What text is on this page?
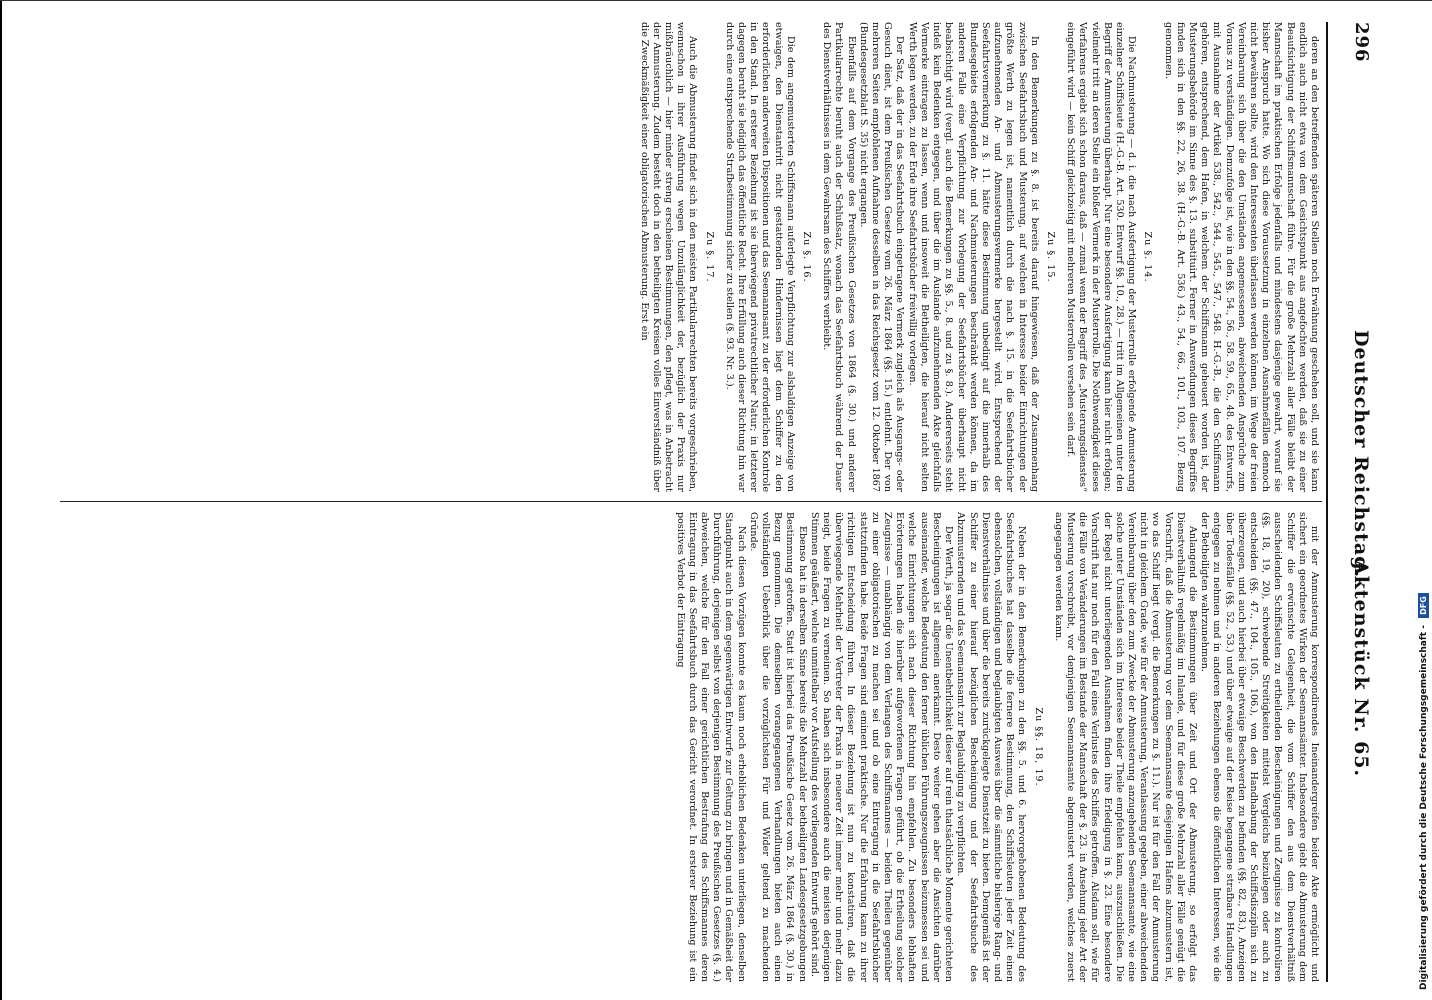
296
Deutscher Reichstag.
Aktenstück Nr. 65.

deren an den betreffenden späteren Stellen noch Erwähnung geschehen soll, und sie kann endlich auch nicht etwa von dem Gesichtspunkt aus angefochten werden, daß sie zu einer Beaufsichtigung der Schiffsmannschaft führe. Für die große Mehrzahl aller Fälle bleibt der Mannschaft im praktischen Erfolge jedenfalls und mindestens dasjenige gewahrt, worauf sie bisher Anspruch hatte. Wo sich diese Voraussetzung in einzelnen Ausnahmefällen dennoch nicht bewähren sollte, wird den Interessenten überlassen werden können, im Wege der freien Vereinbarung sich über die den Umständen angemessenen, abweichenden Ansprüche zum Voraus zu verständigen. Demzufolge ist, wie in den §§. 54., 56., 58. 59., 65., 48. des Entwurfs, mit Ausnahme der Artikel 538., 542., 544., 545., 547., 548. H.-G.-B., die den Schiffsmann gehören, entsprechend, dem Hafen, in welchem der Schiffsmann geheuert worden ist, der Musterungsbehörde im Sinne des §. 13. substituirt. Ferner in Anwendungen dieses Begriffes finden sich in den §§. 22, 26, 38. (H.-G.-B. Art. 536.) 43., 54., 66., 101., 103., 107. Bezug genommen.

Zu §. 14.

Die Nachmusterung — d. i. die nach Ausfertigung der Musterrolle erfolgende Anmusterung einzelner Schiffsleute (H.-G.-B. Art. 530. Entwurf §§. 10., 28.) — tritt im Allgemeinen unter den Begriff der Anmusterung überhaupt. Nur eine besondere Ausfertigung kann hier nicht erfolgen; vielmehr tritt an deren Stelle ein bloßer Vermerk in der Musterrolle. Die Nothwendigkeit dieses Verfahrens ergiebt sich schon daraus, daß — zumal wenn der Begriff des „Musterungsdienstes“ eingeführt wird — kein Schiff gleichzeitig mit mehreren Musterrollen versehen sein darf.

Zu §. 15.

In den Bemerkungen zu §. 8. ist bereits darauf hingewiesen, daß der Zusammenhang zwischen Seefahrtsbuch und Musterung, auf welchen in Interesse beider Einrichtungen der größte Werth zu legen ist, namentlich durch die nach §. 15. in die Seefahrtsbücher aufzunehmenden An- und Abmusterungsvermerke hergestellt wird. Entsprechend der Seefahrtsvermerkung zu §. 11. hätte diese Bestimmung unbedingt auf die innerhalb des Bundesgebiets erfolgenden An- und Nachmusterungen beschränkt werden können, da im anderen Falle eine Verpflichtung zur Vorlegung der Seefahrtsbücher überhaupt nicht beabsichtigt wird (vergl. auch die Bemerkungen zu §§. 5., 8. und zu §. 8.). Andererseits steht indeß kein Bedenken entgegen, und über die im Auslande aufzunehmenden Akte gleichfalls Vermerke eintragen zu lassen, wenn und insoweit die Betheiligten, die hierauf nicht selten Werth legen werden, zu der Erde ihre Seefahrtsbücher freiwillig vorlegen.

Der Satz, daß der in das Seefahrtsbuch eingetragene Vermerk zugleich als Ausgangs- oder Gesuch dient, ist dem Preußischen Gesetze vom 26. März 1864 (§§. 15.) entlehnt. Der von mehreren Seiten empfohlenen Aufnahme desselben in das Reichsgesetz vom 12. Oktober 1867 (Bundesgesetzblatt S. 35) nicht ergangen.

Ebenfalls auf dem Vorgange des Preußischen Gesetzes von 1864 (§. 30.) und anderer Partikularrechte beruht auch der Schlußsatz, wonach das Seefahrtsbuch während der Dauer des Dienstverhältnisses in dem Gewahrsam des Schiffers verbleibt.

Zu §. 16.

Die dem angemusterten Schiffsmann auferlegte Verpflichtung zur alsbaldigen Anzeige von etwaigen, den Dienstantritt nicht gestattenden Hindernissen liegt dem Schiffer zu den erforderlichen anderweiten Dispositionen und das Seemannsamt zu der erforderlichen Kontrole in den Stand. In ersterer Beziehung ist sie überwiegend privatrechtlicher Natur; in letzterer dagegen beruht sie lediglich das öffentliche Recht. Ihre Erfüllung auch dieser Richtung hin war durch eine entsprechende Strafbestimmung sicher zu stellen (§. 93. Nr. 3.).

Zu §. 17.

Auch die Abmusterung findet sich in den meisten Partikularrechten bereits vorgeschrieben, wennschon in ihrer Ausführung wegen Unzulänglichkeit der, bezüglich der Praxis nur mißbräuchlich — hier minder streng erscheinen Bestimmungen, den pflegt, was in Anbetracht der Anmusterung. Zudem besteht doch in den betheiligten Kreisen volles Einverständniß über die Zweckmäßigkeit einer obligatorischen Abmusterung. Erst ein

mit der Anmusterung korrespondirendes Ineinandergreifen beider Akte ermöglicht und sichert ein geordnetes Wirken der Seemannsämter. Insbesondere giebt die Abmusterung dem Schiffer die erwünschte Gelegenheit, die vom Schiffer den aus dem Dienstverhältniß ausscheidenden Schiffsleuten zu ertheilenden Bescheinigungen und Zeugnisse zu kontroliren (§§. 18, 19, 20), schwebende Streitigkeiten mittelst Vergleichs beizulegen oder auch zu entscheiden (§§. 47., 104., 105., 106.), von den Handhabung der Schiffsdisziplin sich zu überzeugen, und auch hierbei über etwaige Beschwerden zu befinden (§§. 82., 83.), Anzeigen über Todesfälle (§§. 52., 53.) und über etwaige auf der Reise begangene strafbare Handlungen entgegen zu nehmen und in anderen Beziehungen ebenso die öffentlichen Interessen, wie die der Betheiligten wahrzunehmen.

Anlangend die Bestimmungen über Zeit und Ort der Abmusterung, so erfolgt das Dienstverhältniß regelmäßig im Inlande, und für diese große Mehrzahl aller Fälle genügt die Vorschrift, daß die Abmusterung vor dem Seemannsamte desjenigen Hafens abzumustern ist, wo das Schiff liegt (vergl. die Bemerkungen zu §. 11.). Nur ist für den Fall der Anmusterung nicht in gleichem Grade, wie für der Anmusterung, Veranlassung gegeben, einer abweichenden Vereinbarung über den zum Zwecke der Abmusterung anzugehenden Seemannsamte, wie eine solche unter Umständen sich im Interesse beider Theile empfehlen kann, auszuschließen. Die der Regel nicht unterliegenden Ausnahmen finden ihre Erledigung in §. 23. Eine besondere Vorschrift hat nur noch für den Fall eines Verlustes des Schiffes getroffen. Alsdann soll, wie für die Fälle von Veränderungen im Bestande der Mannschaft der §. 23. in Ansehung jeder Art der Musterung vorschreibt, vor demjenigen Seemannsamte abgemustert werden, welches zuerst angegangen werden kann.

Zu §§. 18, 19.

Neben der in den Bemerkungen zu den §§. 5. und 6. hervorgehobenen Bedeutung des Seefahrtsbuches hat dasselbe die fernere Bestimmung, den Schiffsleuten jeder Zeit einen ebensolchen, vollständigen und beglaubigten Ausweis über die sämmtliche bisherige Rang- und Dienstverhältnisse und über die bereits zurückgelegte Dienstzeit zu bieten. Demgemäß ist der Schiffer zu einer hierauf bezüglichen Bescheinigung und der Seefahrtsbuche des Abzumusternden und das Seemannsamt zur Beglaubigung zu verpflichten.

Der Werth, ja sogar die Unentbehrlichkeit dieser auf rein thatsächliche Momente gerichteten Bescheinigungen ist allgemein anerkannt. Desto weiter gehen aber die Ansichten darüber auseinander, welche Bedeutung den ferner üblichen Führungszeugnissen beizumessen sei und welche Einrichtungen sich nach dieser Richtung hin empfehlen. Zu besonders lebhaften Erörterungen haben die hierüber aufgeworfenen Fragen geführt, ob die Ertheilung solcher Zeugnisse — unabhängig von dem Verlangen des Schiffsmannes — beiden Theilen gegenüber zu einer obligatorischen zu machen sei und ob eine Eintragung in die Seefahrtsbücher stattzufinden habe. Beide Fragen sind eminent praktische. Nur die Erfahrung kann zu ihrer richtigen Entscheidung führen. In dieser Beziehung ist nun zu konstatiren, daß die überwiegende Mehrheit der Vertreter der Praxis in neuerer Zeit immer mehr und mehr dazu neigt, beide Fragen zu verneinen. So haben sich insbesondere auch die meisten derjenigen Stimmen geäußert, welche unmittelbar vor Aufstellung des vorliegenden Entwurfs gehört sind.

Ebenso hat in derselben Sinne bereits die Mehrzahl der betheiligten Landesgesetzgebungen Bestimmung getroffen. Statt ist hierbei das Preußische Gesetz vom 26. März 1864 (§. 30.) in Bezug genommen. Die demselben vorangegangenen Verhandlungen bieten auch einen vollständigen Ueberblick über die vorzüglichsten Für und Wider geltend zu machenden Gründe.

Nach diesen Vorzügen konnte es kaum noch erheblichen Bedenken unterliegen, denselben Standpunkt auch in dem gegenwärtigen Entwurfe zur Geltung zu bringen und in Gemäßheit der Durchführung, derjenigen selbst von derjenigen Bestimmung des Preußischen Gesetzes (§. 4.) abweichen, welche für den Fall einer gerichtlichen Bestrafung des Schiffsmannes deren Eintragung in das Seefahrtsbuch durch das Gericht verordnet. In ersterer Beziehung ist ein positives Verbot der Eintragung

Digitalisierung gefördert durch die Deutsche Forschungsgemeinschaft - DFG
